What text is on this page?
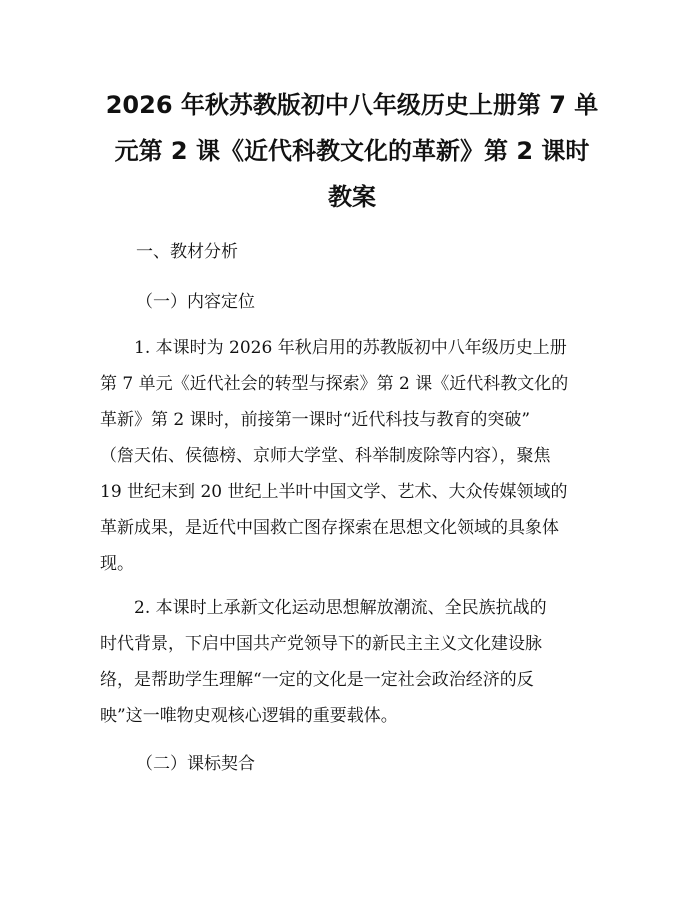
2026 年秋苏教版初中八年级历史上册第 7 单
元第 2 课《近代科教文化的革新》第 2 课时
教案

一、教材分析

（一）内容定位

　　1. 本课时为 2026 年秋启用的苏教版初中八年级历史上册
第 7 单元《近代社会的转型与探索》第 2 课《近代科教文化的
革新》第 2 课时，前接第一课时“近代科技与教育的突破”
（詹天佑、侯德榜、京师大学堂、科举制废除等内容），聚焦
19 世纪末到 20 世纪上半叶中国文学、艺术、大众传媒领域的
革新成果，是近代中国救亡图存探索在思想文化领域的具象体
现。

　　2. 本课时上承新文化运动思想解放潮流、全民族抗战的
时代背景，下启中国共产党领导下的新民主主义文化建设脉
络，是帮助学生理解“一定的文化是一定社会政治经济的反
映”这一唯物史观核心逻辑的重要载体。

（二）课标契合
